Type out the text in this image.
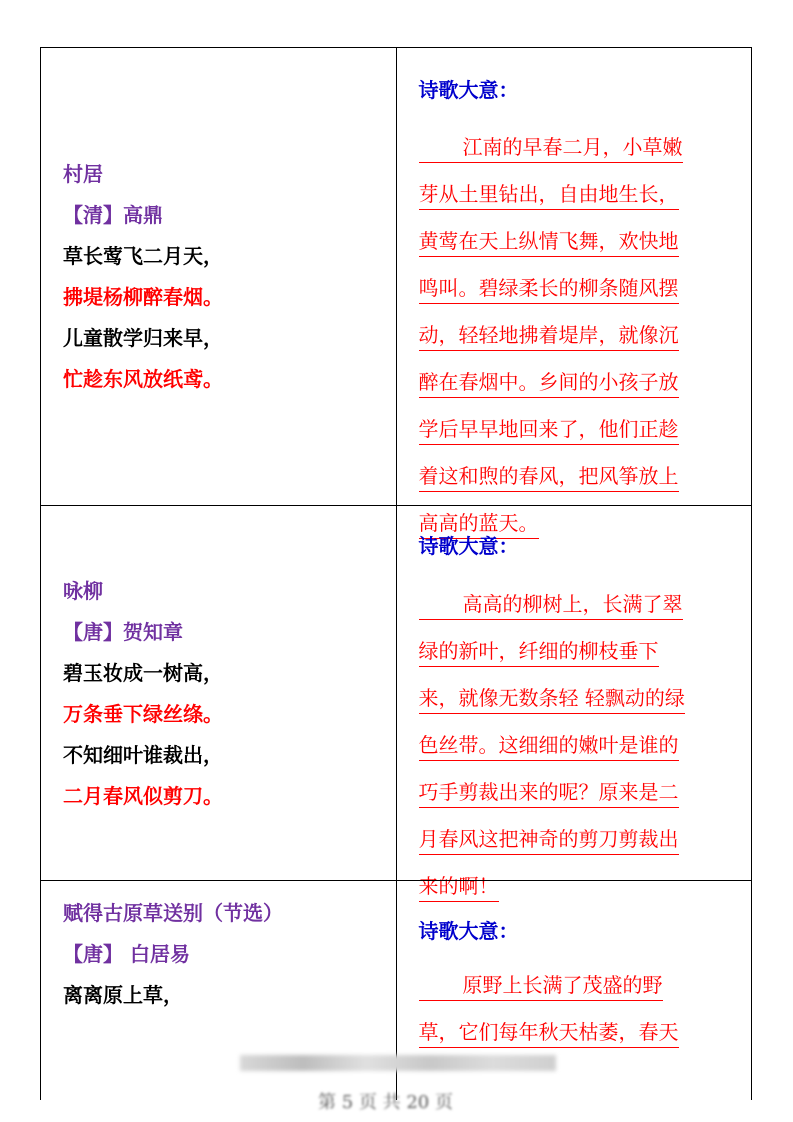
村居
【清】高鼎
草长莺飞二月天，
拂堤杨柳醉春烟。
儿童散学归来早，
忙趁东风放纸鸢。
诗歌大意：
江南的早春二月，小草嫩 芽从土里钻出，自由地生长， 黄莺在天上纵情飞舞，欢快地 鸣叫。碧绿柔长的柳条随风摆 动，轻轻地拂着堤岸，就像沉 醉在春烟中。乡间的小孩子放 学后早早地回来了，他们正趁 着这和煦的春风，把风筝放上 高高的蓝天。
咏柳
【唐】贺知章
碧玉妆成一树高，
万条垂下绿丝绦。
不知细叶谁裁出，
二月春风似剪刀。
诗歌大意：
高高的柳树上，长满了翠 绿的新叶，纤细的柳枝垂下 来，就像无数条轻 轻飘动的绿 色丝带。这细细的嫩叶是谁的 巧手剪裁出来的呢？原来是二 月春风这把神奇的剪刀剪裁出 来的啊！
赋得古原草送别（节选）
【唐】 白居易
离离原上草，
诗歌大意：
原野上长满了茂盛的野 草，它们每年秋天枯萎，春天
第 5 页 共 20 页
